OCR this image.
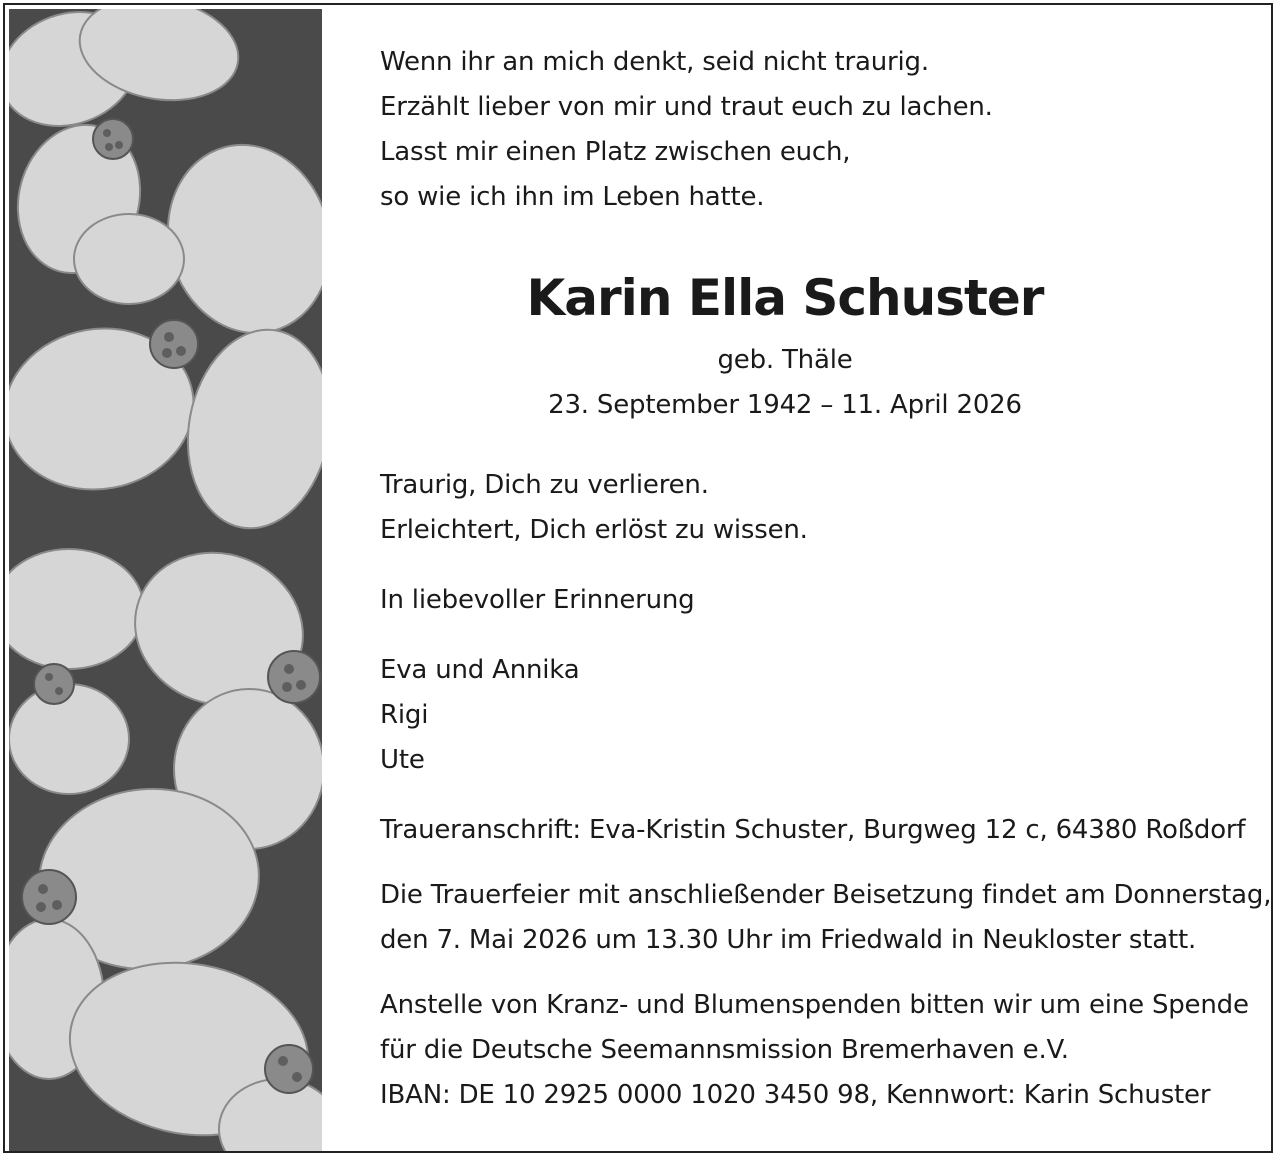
Wenn ihr an mich denkt, seid nicht traurig.
Erzählt lieber von mir und traut euch zu lachen.
Lasst mir einen Platz zwischen euch,
so wie ich ihn im Leben hatte.

Karin Ella Schuster
geb. Thäle
23. September 1942 – 11. April 2026

Traurig, Dich zu verlieren.
Erleichtert, Dich erlöst zu wissen.

In liebevoller Erinnerung

Eva und Annika
Rigi
Ute

Traueranschrift: Eva-Kristin Schuster, Burgweg 12 c, 64380 Roßdorf

Die Trauerfeier mit anschließender Beisetzung findet am Donnerstag,
den 7. Mai 2026 um 13.30 Uhr im Friedwald in Neukloster statt.

Anstelle von Kranz- und Blumenspenden bitten wir um eine Spende
für die Deutsche Seemannsmission Bremerhaven e.V.
IBAN: DE 10 2925 0000 1020 3450 98, Kennwort: Karin Schuster
